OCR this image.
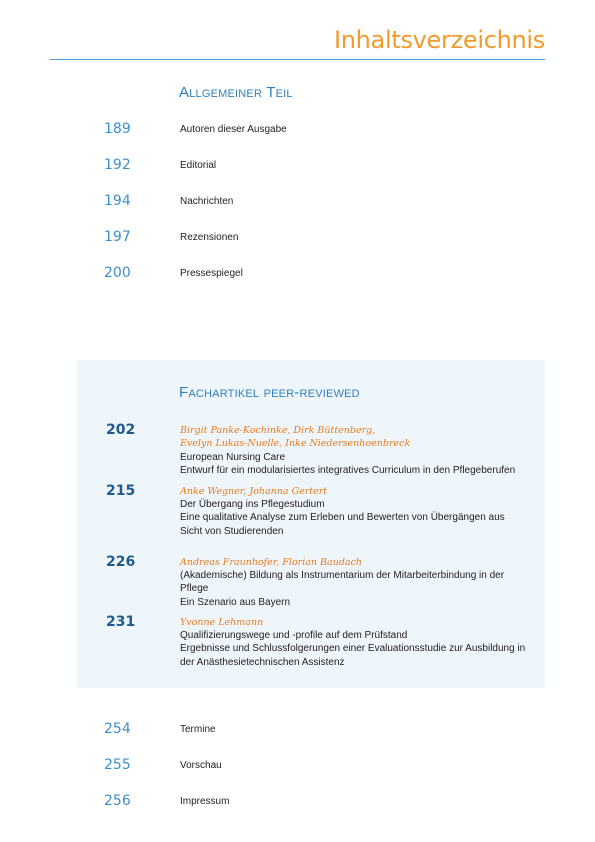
Inhaltsverzeichnis
Allgemeiner Teil
189	Autoren dieser Ausgabe
192	Editorial
194	Nachrichten
197	Rezensionen
200	Pressespiegel
Fachartikel peer-reviewed
202	Birgit Panke-Kochinke, Dirk Büttenberg,
Evelyn Lukas-Nuelle, Inke Niedersenhoenbreck
European Nursing Care
Entwurf für ein modularisiertes integratives Curriculum in den Pflegeberufen
215	Anke Wegner, Johanna Gertert
Der Übergang ins Pflegestudium
Eine qualitative Analyse zum Erleben und Bewerten von Übergängen aus
Sicht von Studierenden
226	Andreas Fraunhofer, Florian Baudach
(Akademische) Bildung als Instrumentarium der Mitarbeiterbindung in der
Pflege
Ein Szenario aus Bayern
231	Yvonne Lehmann
Qualifizierungswege und -profile auf dem Prüfstand
Ergebnisse und Schlussfolgerungen einer Evaluationsstudie zur Ausbildung in
der Anästhesietechnischen Assistenz
254	Termine
255	Vorschau
256	Impressum
